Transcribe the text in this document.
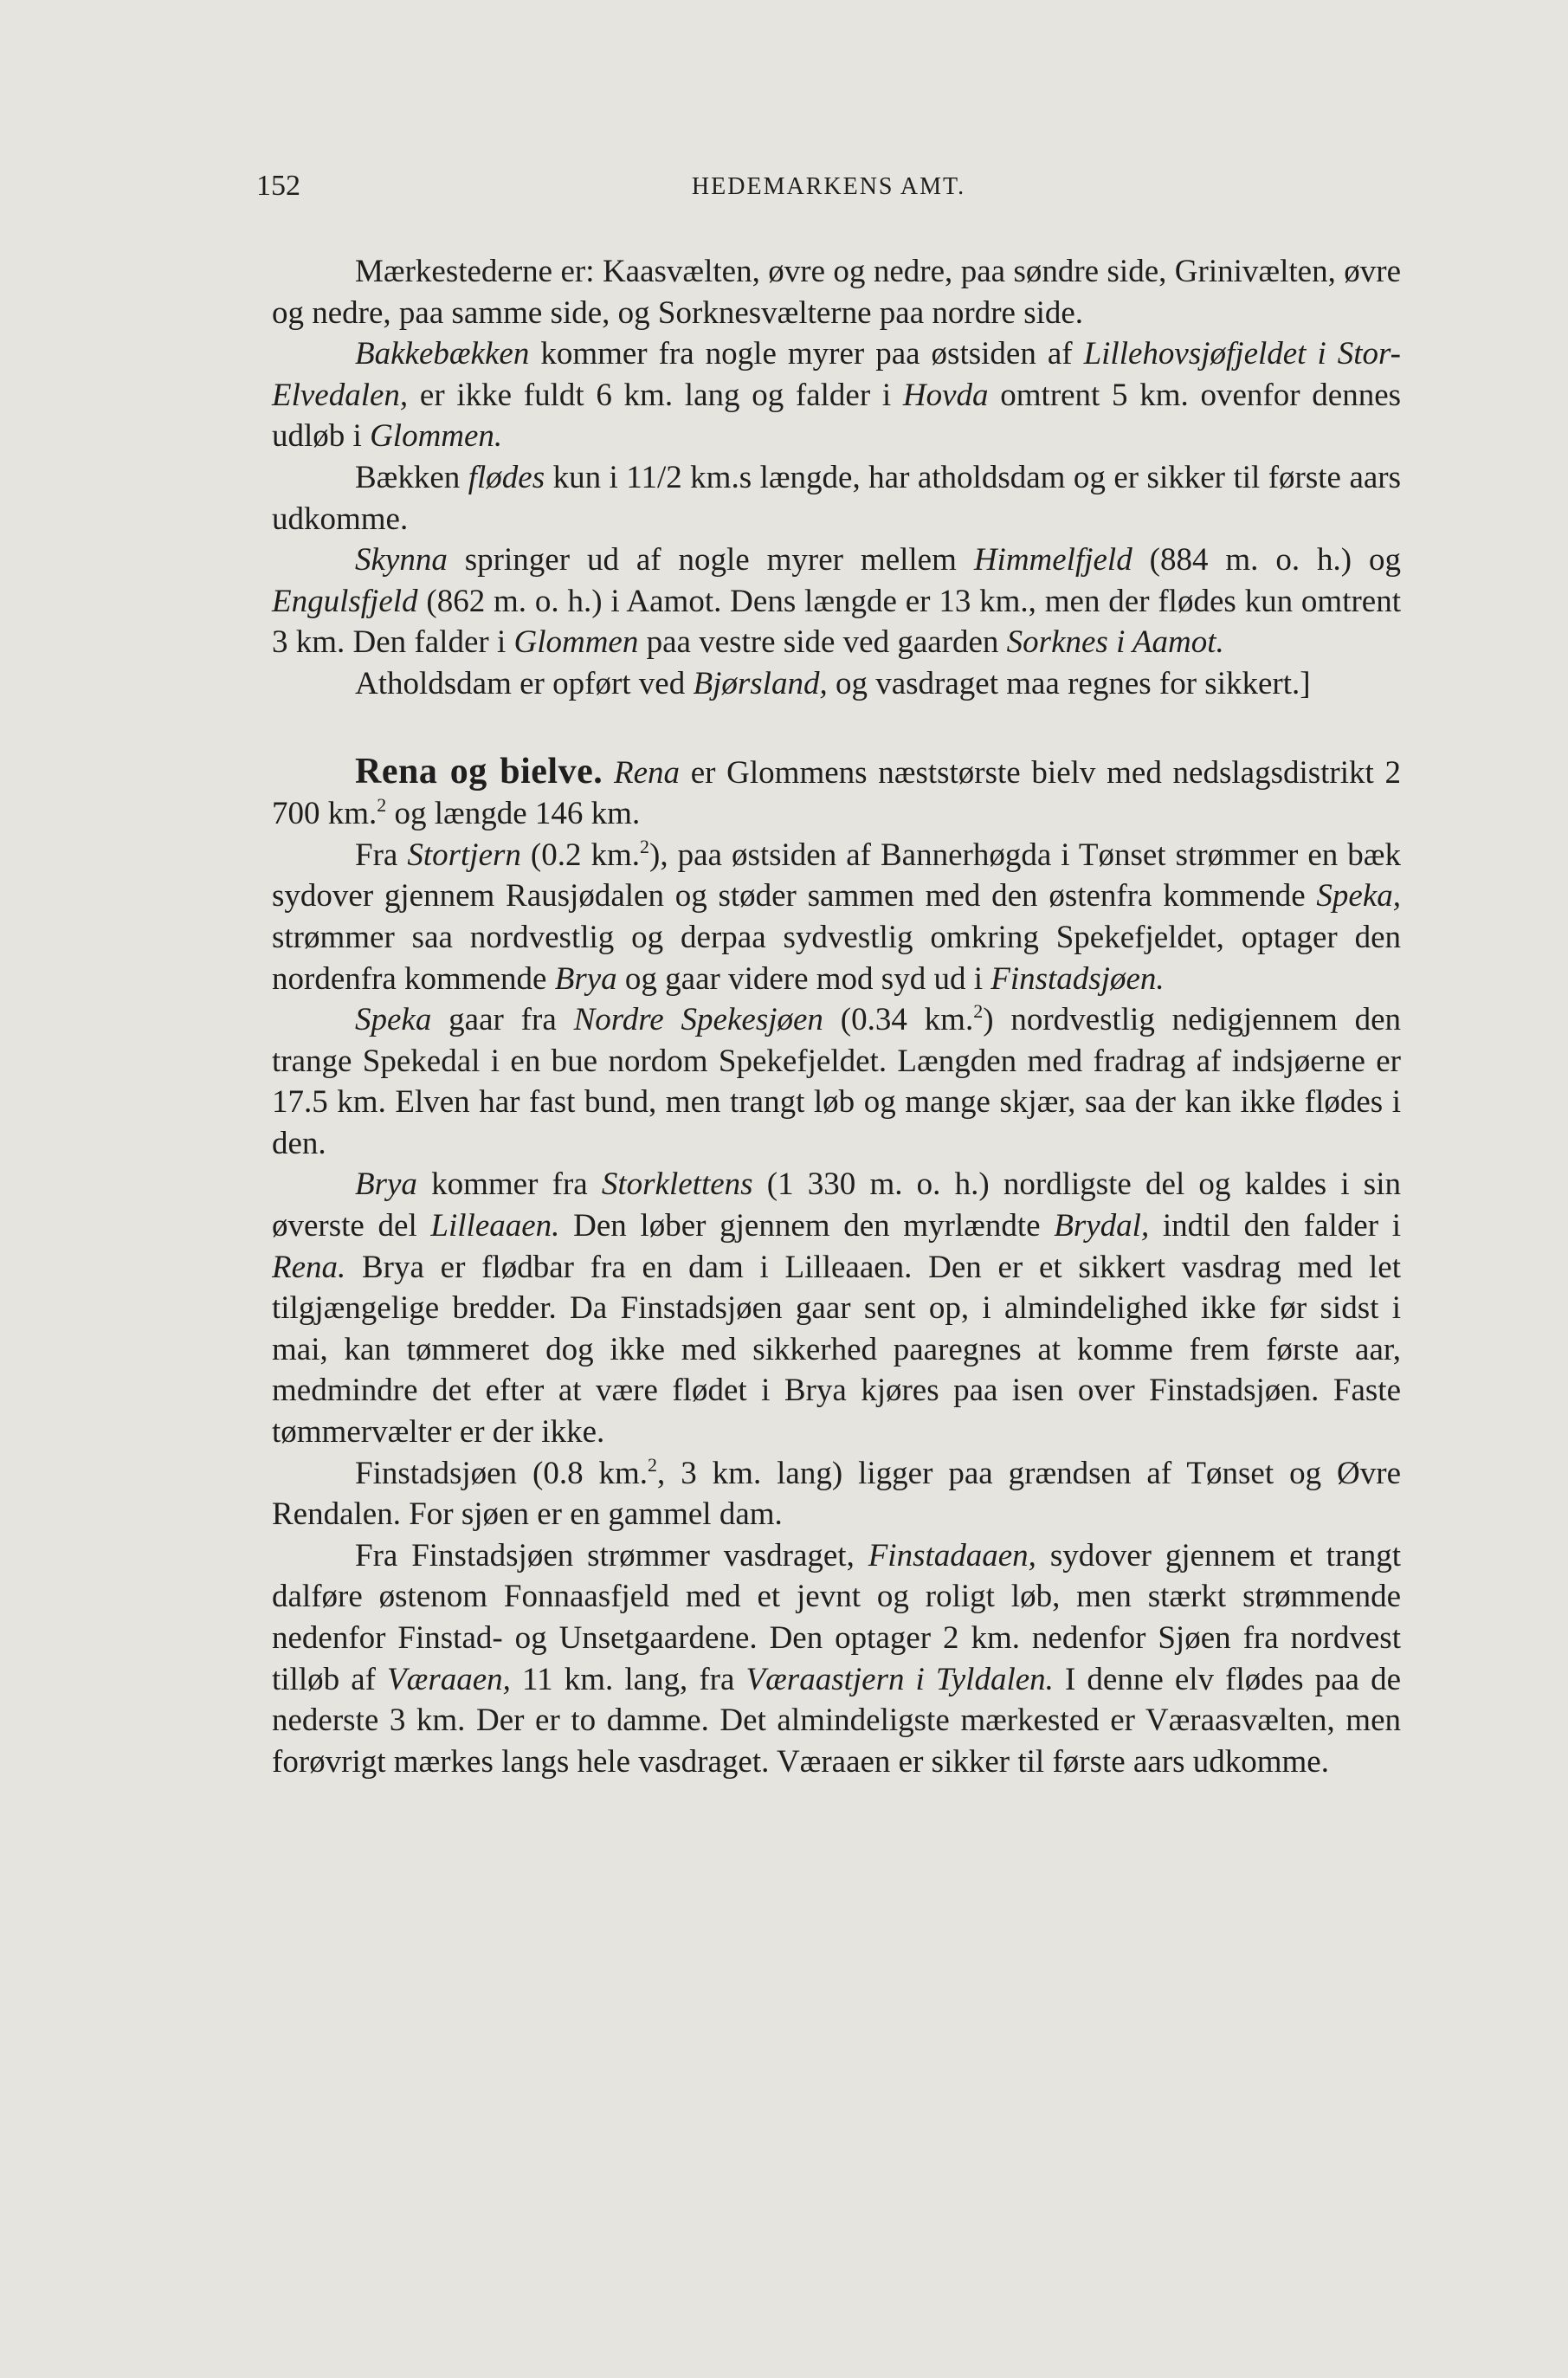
152	HEDEMARKENS AMT.

Mærkestederne er: Kaasvælten, øvre og nedre, paa søndre side, Grinivælten, øvre og nedre, paa samme side, og Sorknesvælterne paa nordre side.

Bakkebækken kommer fra nogle myrer paa østsiden af Lillehovsjøfjeldet i Stor-Elvedalen, er ikke fuldt 6 km. lang og falder i Hovda omtrent 5 km. ovenfor dennes udløb i Glommen.

Bækken flødes kun i 11/2 km.s længde, har atholdsdam og er sikker til første aars udkomme.

Skynna springer ud af nogle myrer mellem Himmelfjeld (884 m. o. h.) og Engulsfjeld (862 m. o. h.) i Aamot. Dens længde er 13 km., men der flødes kun omtrent 3 km. Den falder i Glommen paa vestre side ved gaarden Sorknes i Aamot.

Atholdsdam er opført ved Bjørsland, og vasdraget maa regnes for sikkert.]

Rena og bielve. Rena er Glommens næststørste bielv med nedslagsdistrikt 2 700 km.$^2$ og længde 146 km.

Fra Stortjern (0.2 km.$^2$), paa østsiden af Bannerhøgda i Tønset strømmer en bæk sydover gjennem Rausjødalen og støder sammen med den østenfra kommende Speka, strømmer saa nordvestlig og derpaa sydvestlig omkring Spekefjeldet, optager den nordenfra kommende Brya og gaar videre mod syd ud i Finstadsjøen.

Speka gaar fra Nordre Spekesjøen (0.34 km.$^2$) nordvestlig nedigjennem den trange Spekedal i en bue nordom Spekefjeldet. Længden med fradrag af indsjøerne er 17.5 km. Elven har fast bund, men trangt løb og mange skjær, saa der kan ikke flødes i den.

Brya kommer fra Storklettens (1 330 m. o. h.) nordligste del og kaldes i sin øverste del Lilleaaen. Den løber gjennem den myrlændte Brydal, indtil den falder i Rena. Brya er flødbar fra en dam i Lilleaaen. Den er et sikkert vasdrag med let tilgjængelige bredder. Da Finstadsjøen gaar sent op, i almindelighed ikke før sidst i mai, kan tømmeret dog ikke med sikkerhed paaregnes at komme frem første aar, medmindre det efter at være flødet i Brya kjøres paa isen over Finstadsjøen. Faste tømmervælter er der ikke.

Finstadsjøen (0.8 km.$^2$, 3 km. lang) ligger paa grændsen af Tønset og Øvre Rendalen. For sjøen er en gammel dam.

Fra Finstadsjøen strømmer vasdraget, Finstadaaen, sydover gjennem et trangt dalføre østenom Fonnaasfjeld med et jevnt og roligt løb, men stærkt strømmende nedenfor Finstad- og Unsetgaardene. Den optager 2 km. nedenfor Sjøen fra nordvest tilløb af Væraaen, 11 km. lang, fra Væraastjern i Tyldalen. I denne elv flødes paa de nederste 3 km. Der er to damme. Det almindeligste mærkested er Væraasvælten, men forøvrigt mærkes langs hele vasdraget. Væraaen er sikker til første aars udkomme.
